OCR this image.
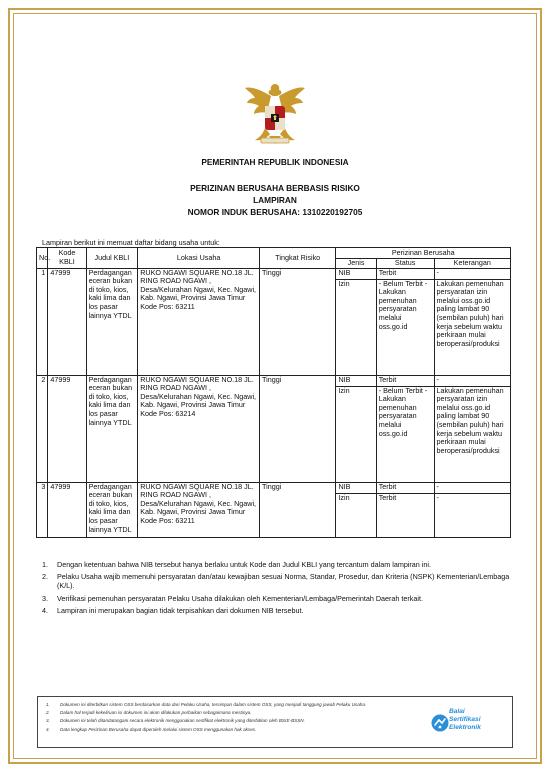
PEMERINTAH REPUBLIK INDONESIA
PERIZINAN BERUSAHA BERBASIS RISIKO
LAMPIRAN
NOMOR INDUK BERUSAHA: 1310220192705
Lampiran berikut ini memuat daftar bidang usaha untuk:
No.	Kode KBLI	Judul KBLI	Lokasi Usaha	Tingkat Risiko	Perizinan Berusaha		
					Jenis	Status	Keterangan
1	47999	Perdagangan eceran bukan di toko, kios, kaki lima dan los pasar lainnya YTDL	RUKO NGAWI SQUARE NO.18 JL. RING ROAD NGAWI , Desa/Kelurahan Ngawi, Kec. Ngawi, Kab. Ngawi, Provinsi Jawa Timur Kode Pos: 63211	Tinggi	NIB	Terbit	-
					Izin	- Belum Terbit - Lakukan pemenuhan persyaratan melalui oss.go.id	Lakukan pemenuhan persyaratan izin melalui oss.go.id paling lambat 90 (sembilan puluh) hari kerja sebelum waktu perkiraan mulai beroperasi/produksi
2	47999	Perdagangan eceran bukan di toko, kios, kaki lima dan los pasar lainnya YTDL	RUKO NGAWI SQUARE NO.18 JL. RING ROAD NGAWI , Desa/Kelurahan Ngawi, Kec. Ngawi, Kab. Ngawi, Provinsi Jawa Timur Kode Pos: 63214	Tinggi	NIB	Terbit	-
					Izin	- Belum Terbit - Lakukan pemenuhan persyaratan melalui oss.go.id	Lakukan pemenuhan persyaratan izin melalui oss.go.id paling lambat 90 (sembilan puluh) hari kerja sebelum waktu perkiraan mulai beroperasi/produksi
3	47999	Perdagangan eceran bukan di toko, kios, kaki lima dan los pasar lainnya YTDL	RUKO NGAWI SQUARE NO.18 JL. RING ROAD NGAWI , Desa/Kelurahan Ngawi, Kec. Ngawi, Kab. Ngawi, Provinsi Jawa Timur Kode Pos: 63211	Tinggi	NIB	Terbit	-
					Izin	Terbit	-
1.	Dengan ketentuan bahwa NIB tersebut hanya berlaku untuk Kode dan Judul KBLI yang tercantum dalam lampiran ini.
2.	Pelaku Usaha wajib memenuhi persyaratan dan/atau kewajiban sesuai Norma, Standar, Prosedur, dan Kriteria (NSPK) Kementerian/Lembaga (K/L).
3.	Verifikasi pemenuhan persyaratan Pelaku Usaha dilakukan oleh Kementerian/Lembaga/Pemerintah Daerah terkait.
4.	Lampiran ini merupakan bagian tidak terpisahkan dari dokumen NIB tersebut.
1.	Dokumen ini diterbitkan sistem OSS berdasarkan data dari Pelaku Usaha, tersimpan dalam sistem OSS, yang menjadi tanggung jawab Pelaku Usaha.
2.	Dalam hal terjadi kekeliruan isi dokumen ini akan dilakukan perbaikan sebagaimana mestinya.
3.	Dokumen ini telah ditandatangani secara elektronik menggunakan sertifikat elektronik yang diterbitkan oleh BSrE-BSSN.
4.	Data lengkap Perizinan Berusaha dapat diperoleh melalui sistem OSS menggunakan hak akses.
Balai
Sertifikasi
Elektronik
